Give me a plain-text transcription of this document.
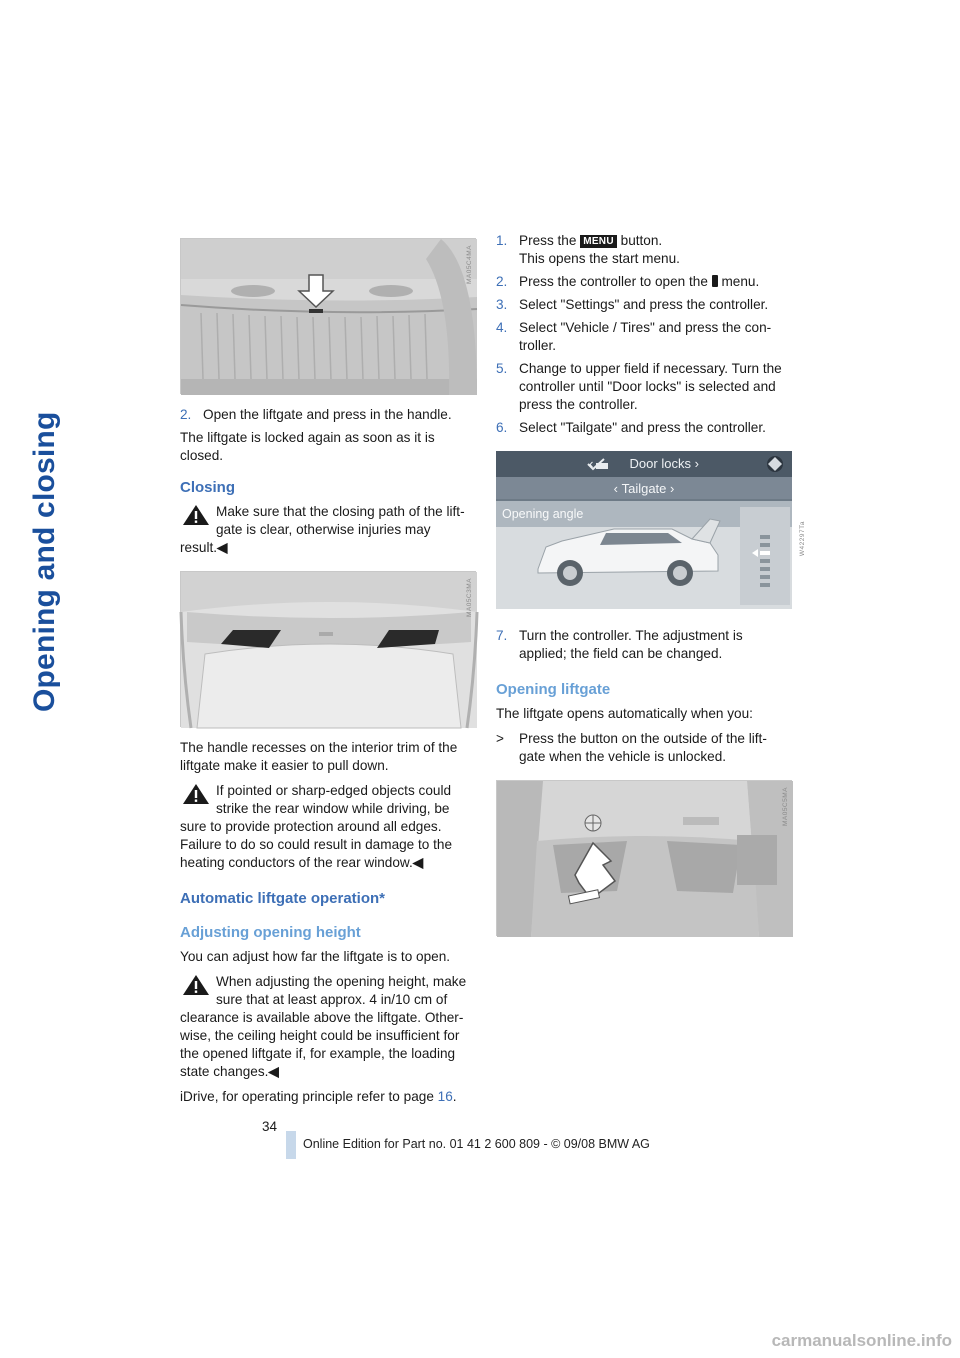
Opening and closing
MA05C4MA
2. Open the liftgate and press in the handle.

The liftgate is locked again as soon as it is closed.

Closing
Make sure that the closing path of the lift-
gate is clear, otherwise injuries may result.◀
MA05C3MA

The handle recesses on the interior trim of the liftgate make it easier to pull down.

If pointed or sharp-edged objects could
strike the rear window while driving, be
sure to provide protection around all edges. Failure to do so could result in damage to the heating conductors of the rear window.◀
Automatic liftgate operation*
Adjusting opening height

You can adjust how far the liftgate is to open.

When adjusting the opening height, make
sure that at least approx. 4 in/10 cm of
clearance is available above the liftgate. Other-wise, the ceiling height could be insufficient for the opened liftgate if, for example, the loading state changes.◀

iDrive, for operating principle refer to page 16.

1. Press the MENU button.
This opens the start menu.
2. Press the controller to open the  menu.
3. Select "Settings" and press the controller.
4. Select "Vehicle / Tires" and press the con-troller.
5. Change to upper field if necessary. Turn the controller until "Door locks" is selected and press the controller.
6. Select "Tailgate" and press the controller.
‹	Door locks ›
‹ Tailgate ›
Opening angle
W42297Ta
7. Turn the controller. The adjustment is applied; the field can be changed.
Opening liftgate

The liftgate opens automatically when you:

>	Press the button on the outside of the lift-gate when the vehicle is unlocked.
MA05C5MA
34
Online Edition for Part no. 01 41 2 600 809 - © 09/08 BMW AG
carmanualsonline.info
